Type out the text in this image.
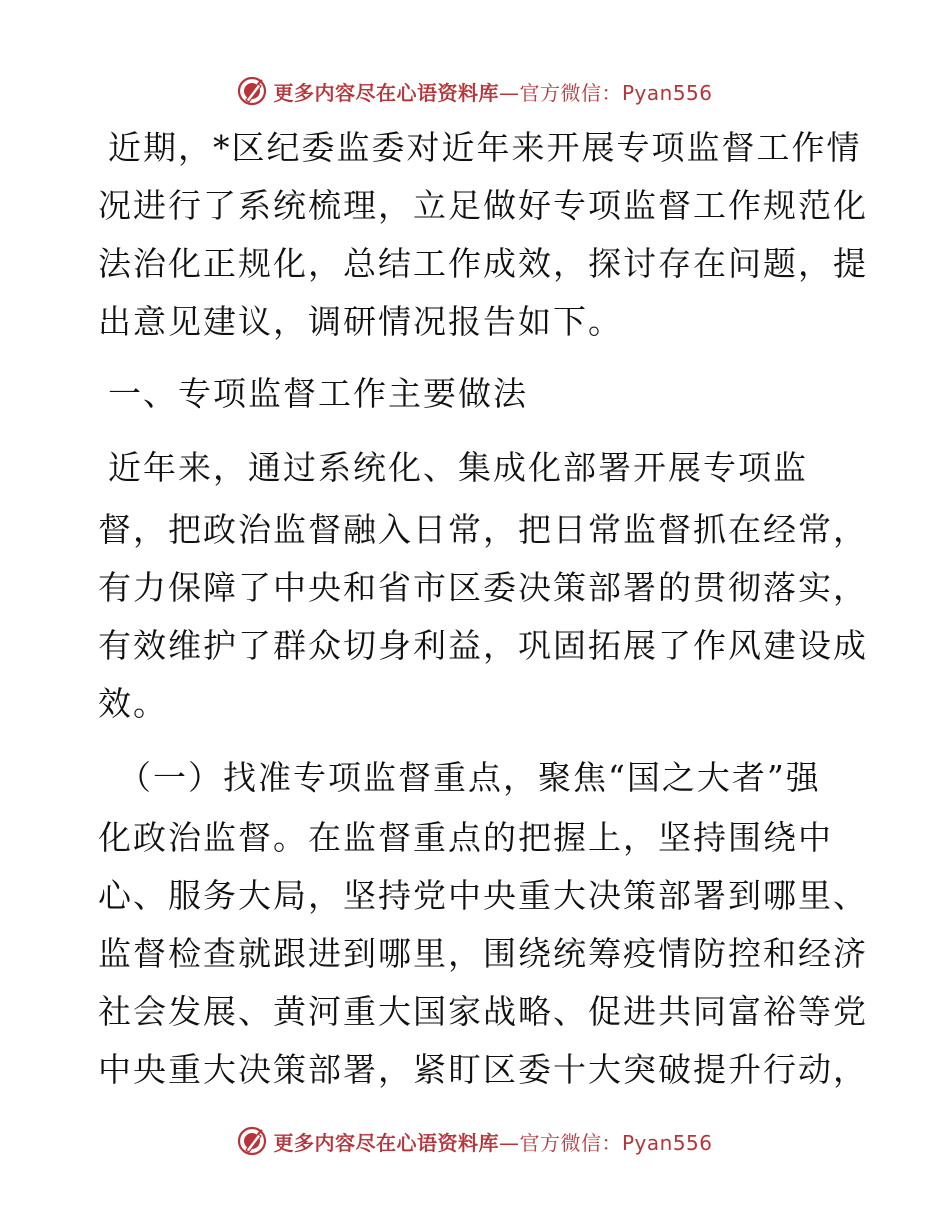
更多内容尽在心语资料库—官方微信：Pyan556
近期，*区纪委监委对近年来开展专项监督工作情
况进行了系统梳理，立足做好专项监督工作规范化
法治化正规化，总结工作成效，探讨存在问题，提
出意见建议，调研情况报告如下。
一、专项监督工作主要做法
近年来，通过系统化、集成化部署开展专项监
督，把政治监督融入日常，把日常监督抓在经常，
有力保障了中央和省市区委决策部署的贯彻落实，
有效维护了群众切身利益，巩固拓展了作风建设成
效。
（一）找准专项监督重点，聚焦“国之大者”强
化政治监督。在监督重点的把握上，坚持围绕中
心、服务大局，坚持党中央重大决策部署到哪里、
监督检查就跟进到哪里，围绕统筹疫情防控和经济
社会发展、黄河重大国家战略、促进共同富裕等党
中央重大决策部署，紧盯区委十大突破提升行动，
更多内容尽在心语资料库—官方微信：Pyan556
